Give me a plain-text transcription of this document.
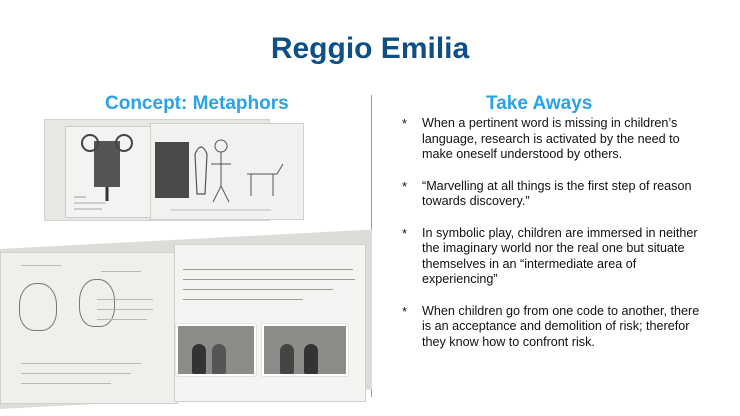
Reggio Emilia
Concept: Metaphors	Take Aways
* When a pertinent word is missing in children’s language, research is activated by the need to make oneself understood by others.
* “Marvelling at all things is the first step of reason towards discovery.”
* In symbolic play, children are immersed in neither the imaginary world nor the real one but situate themselves in an “intermediate area of experiencing”
* When children go from one code to another, there is an acceptance and demolition of risk; therefor they know how to confront risk.
